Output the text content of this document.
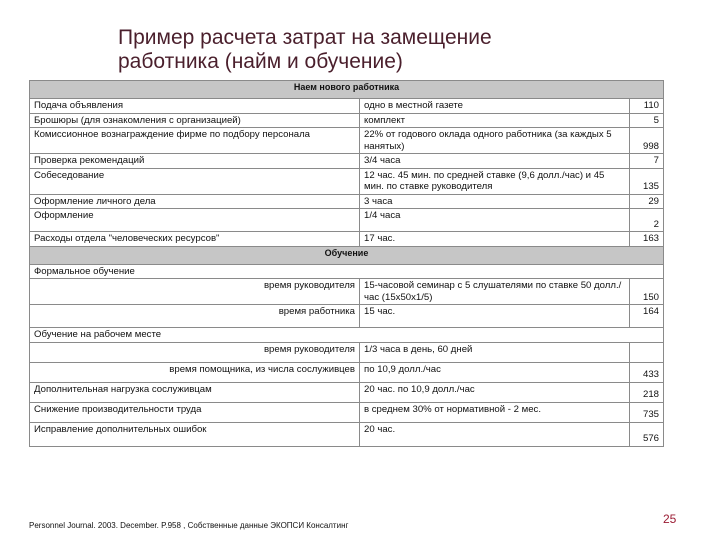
Пример расчета затрат на замещение
работника (найм и обучение)
Наем нового работника		
Подача объявления	одно в местной газете	110
Брошюры (для ознакомления с организацией)	комплект	5
Комиссионное вознаграждение фирме по подбору персонала	22% от годового оклада одного работника (за каждых 5 нанятых)	998
Проверка рекомендаций	3/4 часа	7
Собеседование	12 час. 45 мин. по средней ставке (9,6 долл./час) и 45 мин. по ставке руководителя	135
Оформление личного дела	3 часа	29
Оформление	1/4 часа	2
Расходы отдела "человеческих ресурсов"	17 час.	163
Обучение		
Формальное обучение		
время руководителя	15-часовой семинар с 5 слушателями по ставке 50 долл./час (15х50х1/5)	150
время работника	15 час.	164
Обучение на рабочем месте		
время руководителя	1/3 часа в день, 60 дней	
время помощника, из числа сослуживцев	по 10,9 долл./час	433
Дополнительная нагрузка сослуживцам	20 час. по 10,9 долл./час	218
Снижение производительности труда	в среднем 30% от нормативной - 2 мес.	735
Исправление дополнительных ошибок	20 час.	576
Personnel Journal. 2003. December. P.958 , Собственные данные ЭКОПСИ Консалтинг	25
